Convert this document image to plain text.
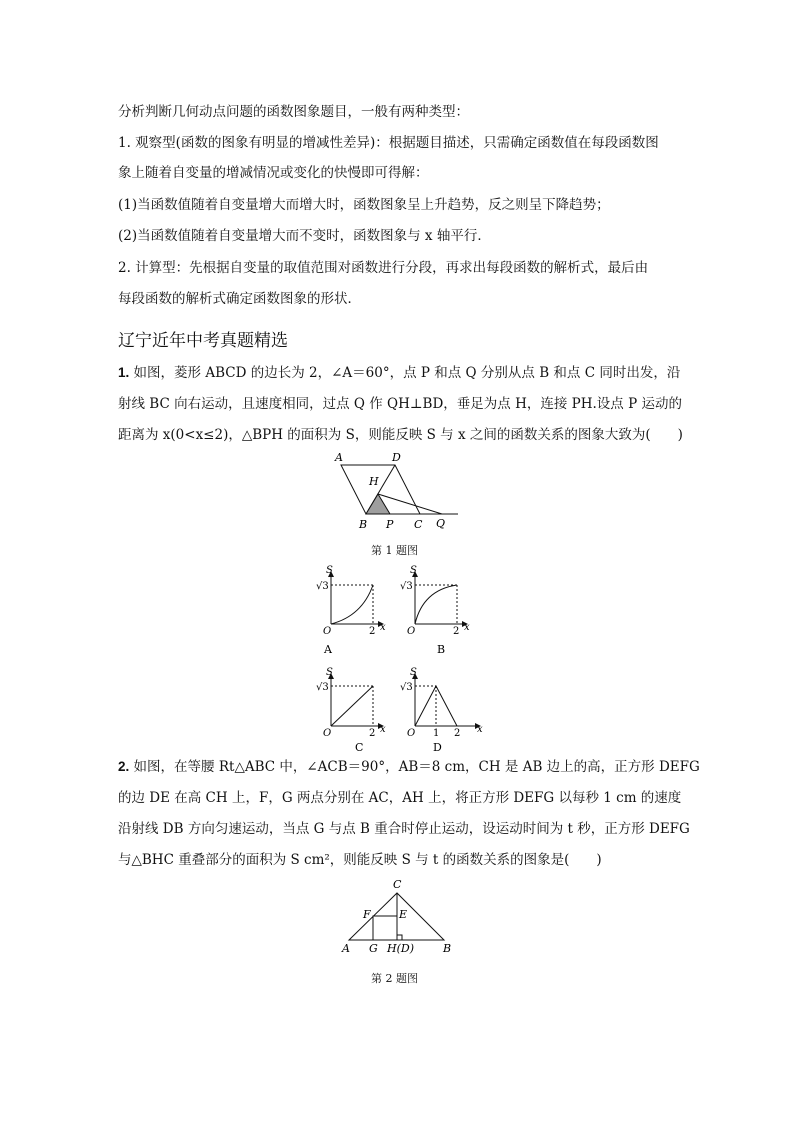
分析判断几何动点问题的函数图象题目，一般有两种类型：
1. 观察型(函数的图象有明显的增减性差异)：根据题目描述，只需确定函数值在每段函数图
象上随着自变量的增减情况或变化的快慢即可得解：
(1)当函数值随着自变量增大而增大时，函数图象呈上升趋势，反之则呈下降趋势；
(2)当函数值随着自变量增大而不变时，函数图象与 x 轴平行．
2. 计算型：先根据自变量的取值范围对函数进行分段，再求出每段函数的解析式，最后由
每段函数的解析式确定函数图象的形状．
辽宁近年中考真题精选
1. 如图，菱形 ABCD 的边长为 2，∠A＝60°，点 P 和点 Q 分别从点 B 和点 C 同时出发，沿
射线 BC 向右运动，且速度相同，过点 Q 作 QH⊥BD，垂足为点 H，连接 PH.设点 P 运动的
距离为 x(0<x≤2)，△BPH 的面积为 S，则能反映 S 与 x 之间的函数关系的图象大致为(　　)
A	D
H
B P C Q
第 1 题图
S
√3
O	2 x
A
S
√3
O	2 x
B
S
√3
O	2 x
C
S
√3
O 1 2 x
D
2. 如图，在等腰 Rt△ABC 中，∠ACB＝90°，AB＝8 cm，CH 是 AB 边上的高，正方形 DEFG
的边 DE 在高 CH 上，F，G 两点分别在 AC，AH 上，将正方形 DEFG 以每秒 1 cm 的速度
沿射线 DB 方向匀速运动，当点 G 与点 B 重合时停止运动，设运动时间为 t 秒，正方形 DEFG
与△BHC 重叠部分的面积为 S cm²，则能反映 S 与 t 的函数关系的图象是(　　)
C
F	E
A G H(D)	B
第 2 题图
